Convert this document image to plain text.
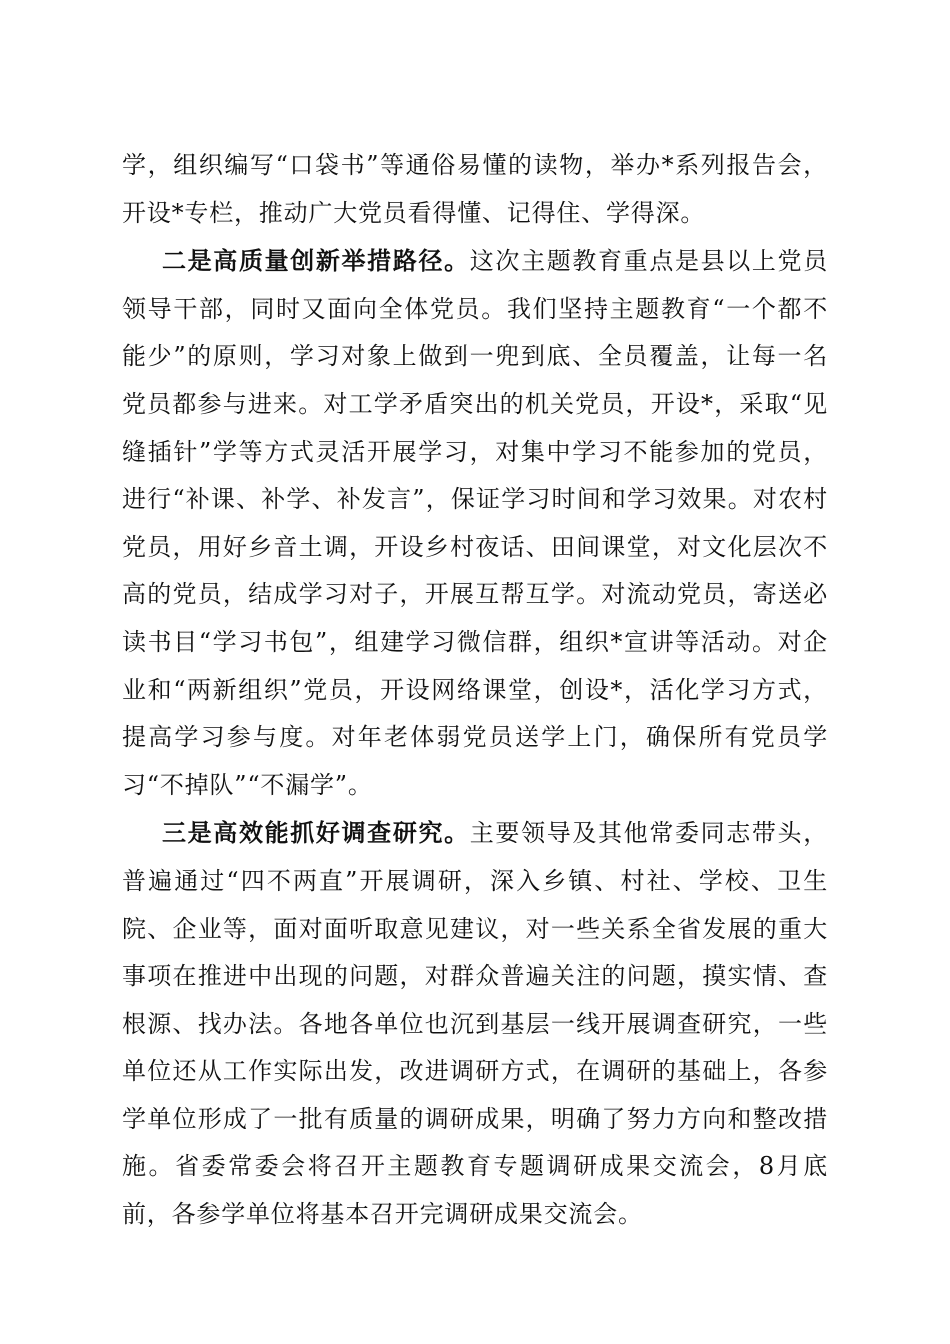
学，组织编写“口袋书”等通俗易懂的读物，举办*系列报告会，开设*专栏，推动广大党员看得懂、记得住、学得深。

二是高质量创新举措路径。这次主题教育重点是县以上党员领导干部，同时又面向全体党员。我们坚持主题教育“一个都不能少”的原则，学习对象上做到一兜到底、全员覆盖，让每一名党员都参与进来。对工学矛盾突出的机关党员，开设*，采取“见缝插针”学等方式灵活开展学习，对集中学习不能参加的党员，进行“补课、补学、补发言”，保证学习时间和学习效果。对农村党员，用好乡音土调，开设乡村夜话、田间课堂，对文化层次不高的党员，结成学习对子，开展互帮互学。对流动党员，寄送必读书目“学习书包”，组建学习微信群，组织*宣讲等活动。对企业和“两新组织”党员，开设网络课堂，创设*，活化学习方式，提高学习参与度。对年老体弱党员送学上门，确保所有党员学习“不掉队”“不漏学”。

三是高效能抓好调查研究。主要领导及其他常委同志带头，普遍通过“四不两直”开展调研，深入乡镇、村社、学校、卫生院、企业等，面对面听取意见建议，对一些关系全省发展的重大事项在推进中出现的问题，对群众普遍关注的问题，摸实情、查根源、找办法。各地各单位也沉到基层一线开展调查研究，一些单位还从工作实际出发，改进调研方式，在调研的基础上，各参学单位形成了一批有质量的调研成果，明确了努力方向和整改措施。省委常委会将召开主题教育专题调研成果交流会，8月底前，各参学单位将基本召开完调研成果交流会。
